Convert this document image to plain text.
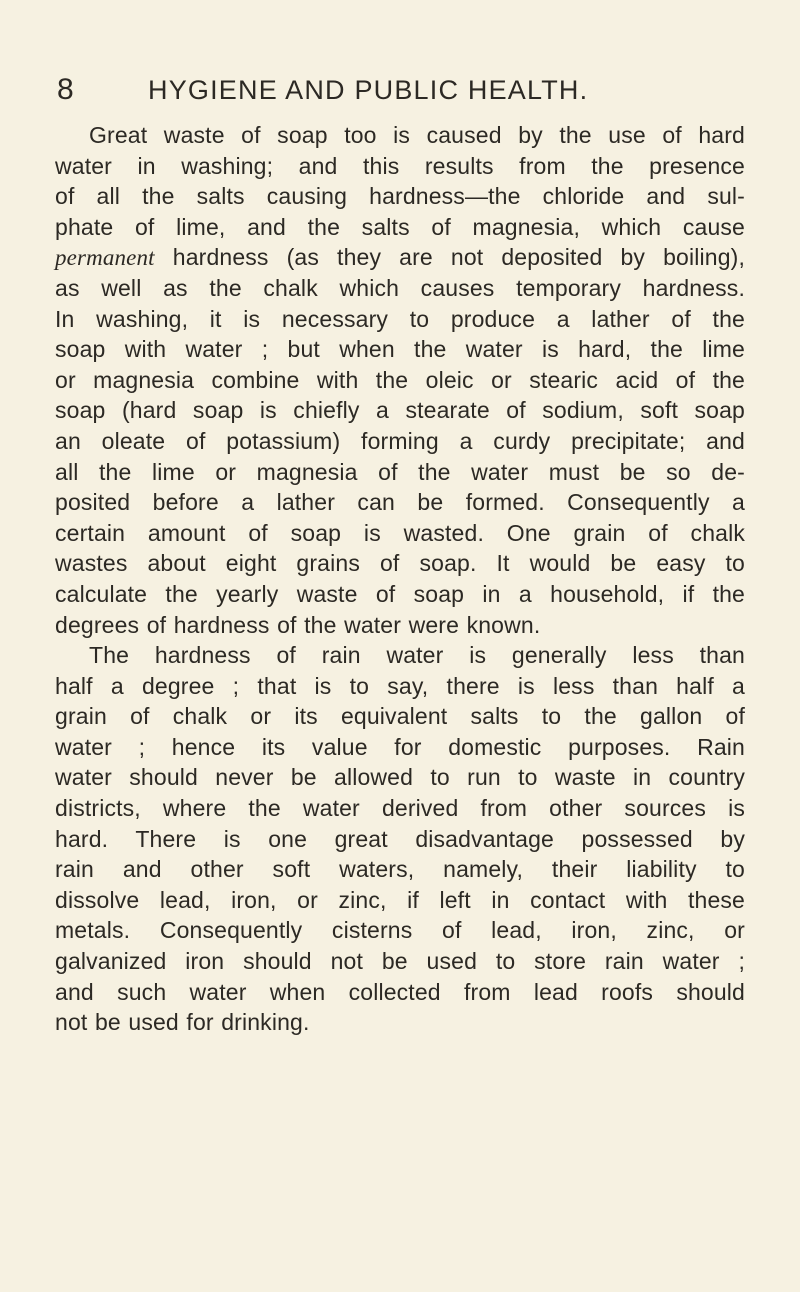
8	HYGIENE AND PUBLIC HEALTH.
Great waste of soap too is caused by the use of hard
water in washing; and this results from the presence
of all the salts causing hardness—the chloride and sul-
phate of lime, and the salts of magnesia, which cause
permanent hardness (as they are not deposited by boiling),
as well as the chalk which causes temporary hardness.
In washing, it is necessary to produce a lather of the
soap with water ; but when the water is hard, the lime
or magnesia combine with the oleic or stearic acid of the
soap (hard soap is chiefly a stearate of sodium, soft soap
an oleate of potassium) forming a curdy precipitate; and
all the lime or magnesia of the water must be so de-
posited before a lather can be formed. Consequently a
certain amount of soap is wasted. One grain of chalk
wastes about eight grains of soap. It would be easy to
calculate the yearly waste of soap in a household, if the
degrees of hardness of the water were known.
The hardness of rain water is generally less than
half a degree ; that is to say, there is less than half a
grain of chalk or its equivalent salts to the gallon of
water ; hence its value for domestic purposes. Rain
water should never be allowed to run to waste in country
districts, where the water derived from other sources is
hard. There is one great disadvantage possessed by
rain and other soft waters, namely, their liability to
dissolve lead, iron, or zinc, if left in contact with these
metals. Consequently cisterns of lead, iron, zinc, or
galvanized iron should not be used to store rain water ;
and such water when collected from lead roofs should
not be used for drinking.
